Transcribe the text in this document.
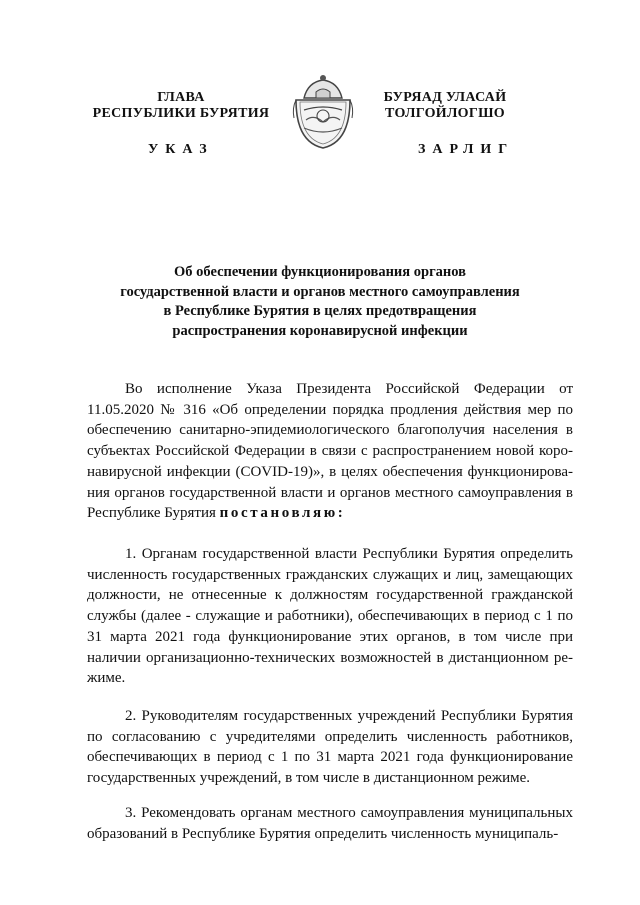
ГЛАВА
РЕСПУБЛИКИ БУРЯТИЯ
БУРЯАД УЛАСАЙ
ТОЛГОЙЛОГШО
УКАЗ	ЗАРЛИГ
Об обеспечении функционирования органов
государственной власти и органов местного самоуправления
в Республике Бурятия в целях предотвращения
распространения коронавирусной инфекции
Во исполнение Указа Президента Российской Федерации от 11.05.2020 № 316 «Об определении порядка продления действия мер по обеспечению санитарно-эпидемиологического благополучия населения в субъектах Российской Федерации в связи с распространением новой коронавирусной инфекции (COVID-19)», в целях обеспечения функционирования органов государственной власти и органов местного самоуправления в Республике Бурятия постановляю:
1. Органам государственной власти Республики Бурятия определить численность государственных гражданских служащих и лиц, замещающих должности, не отнесенные к должностям государственной гражданской службы (далее - служащие и работники), обеспечивающих в период с 1 по 31 марта 2021 года функционирование этих органов, в том числе при наличии организационно-технических возможностей в дистанционном режиме.
2. Руководителям государственных учреждений Республики Бурятия по согласованию с учредителями определить численность работников, обеспечивающих в период с 1 по 31 марта 2021 года функционирование государственных учреждений, в том числе в дистанционном режиме.
3. Рекомендовать органам местного самоуправления муниципальных образований в Республике Бурятия определить численность муниципаль-
